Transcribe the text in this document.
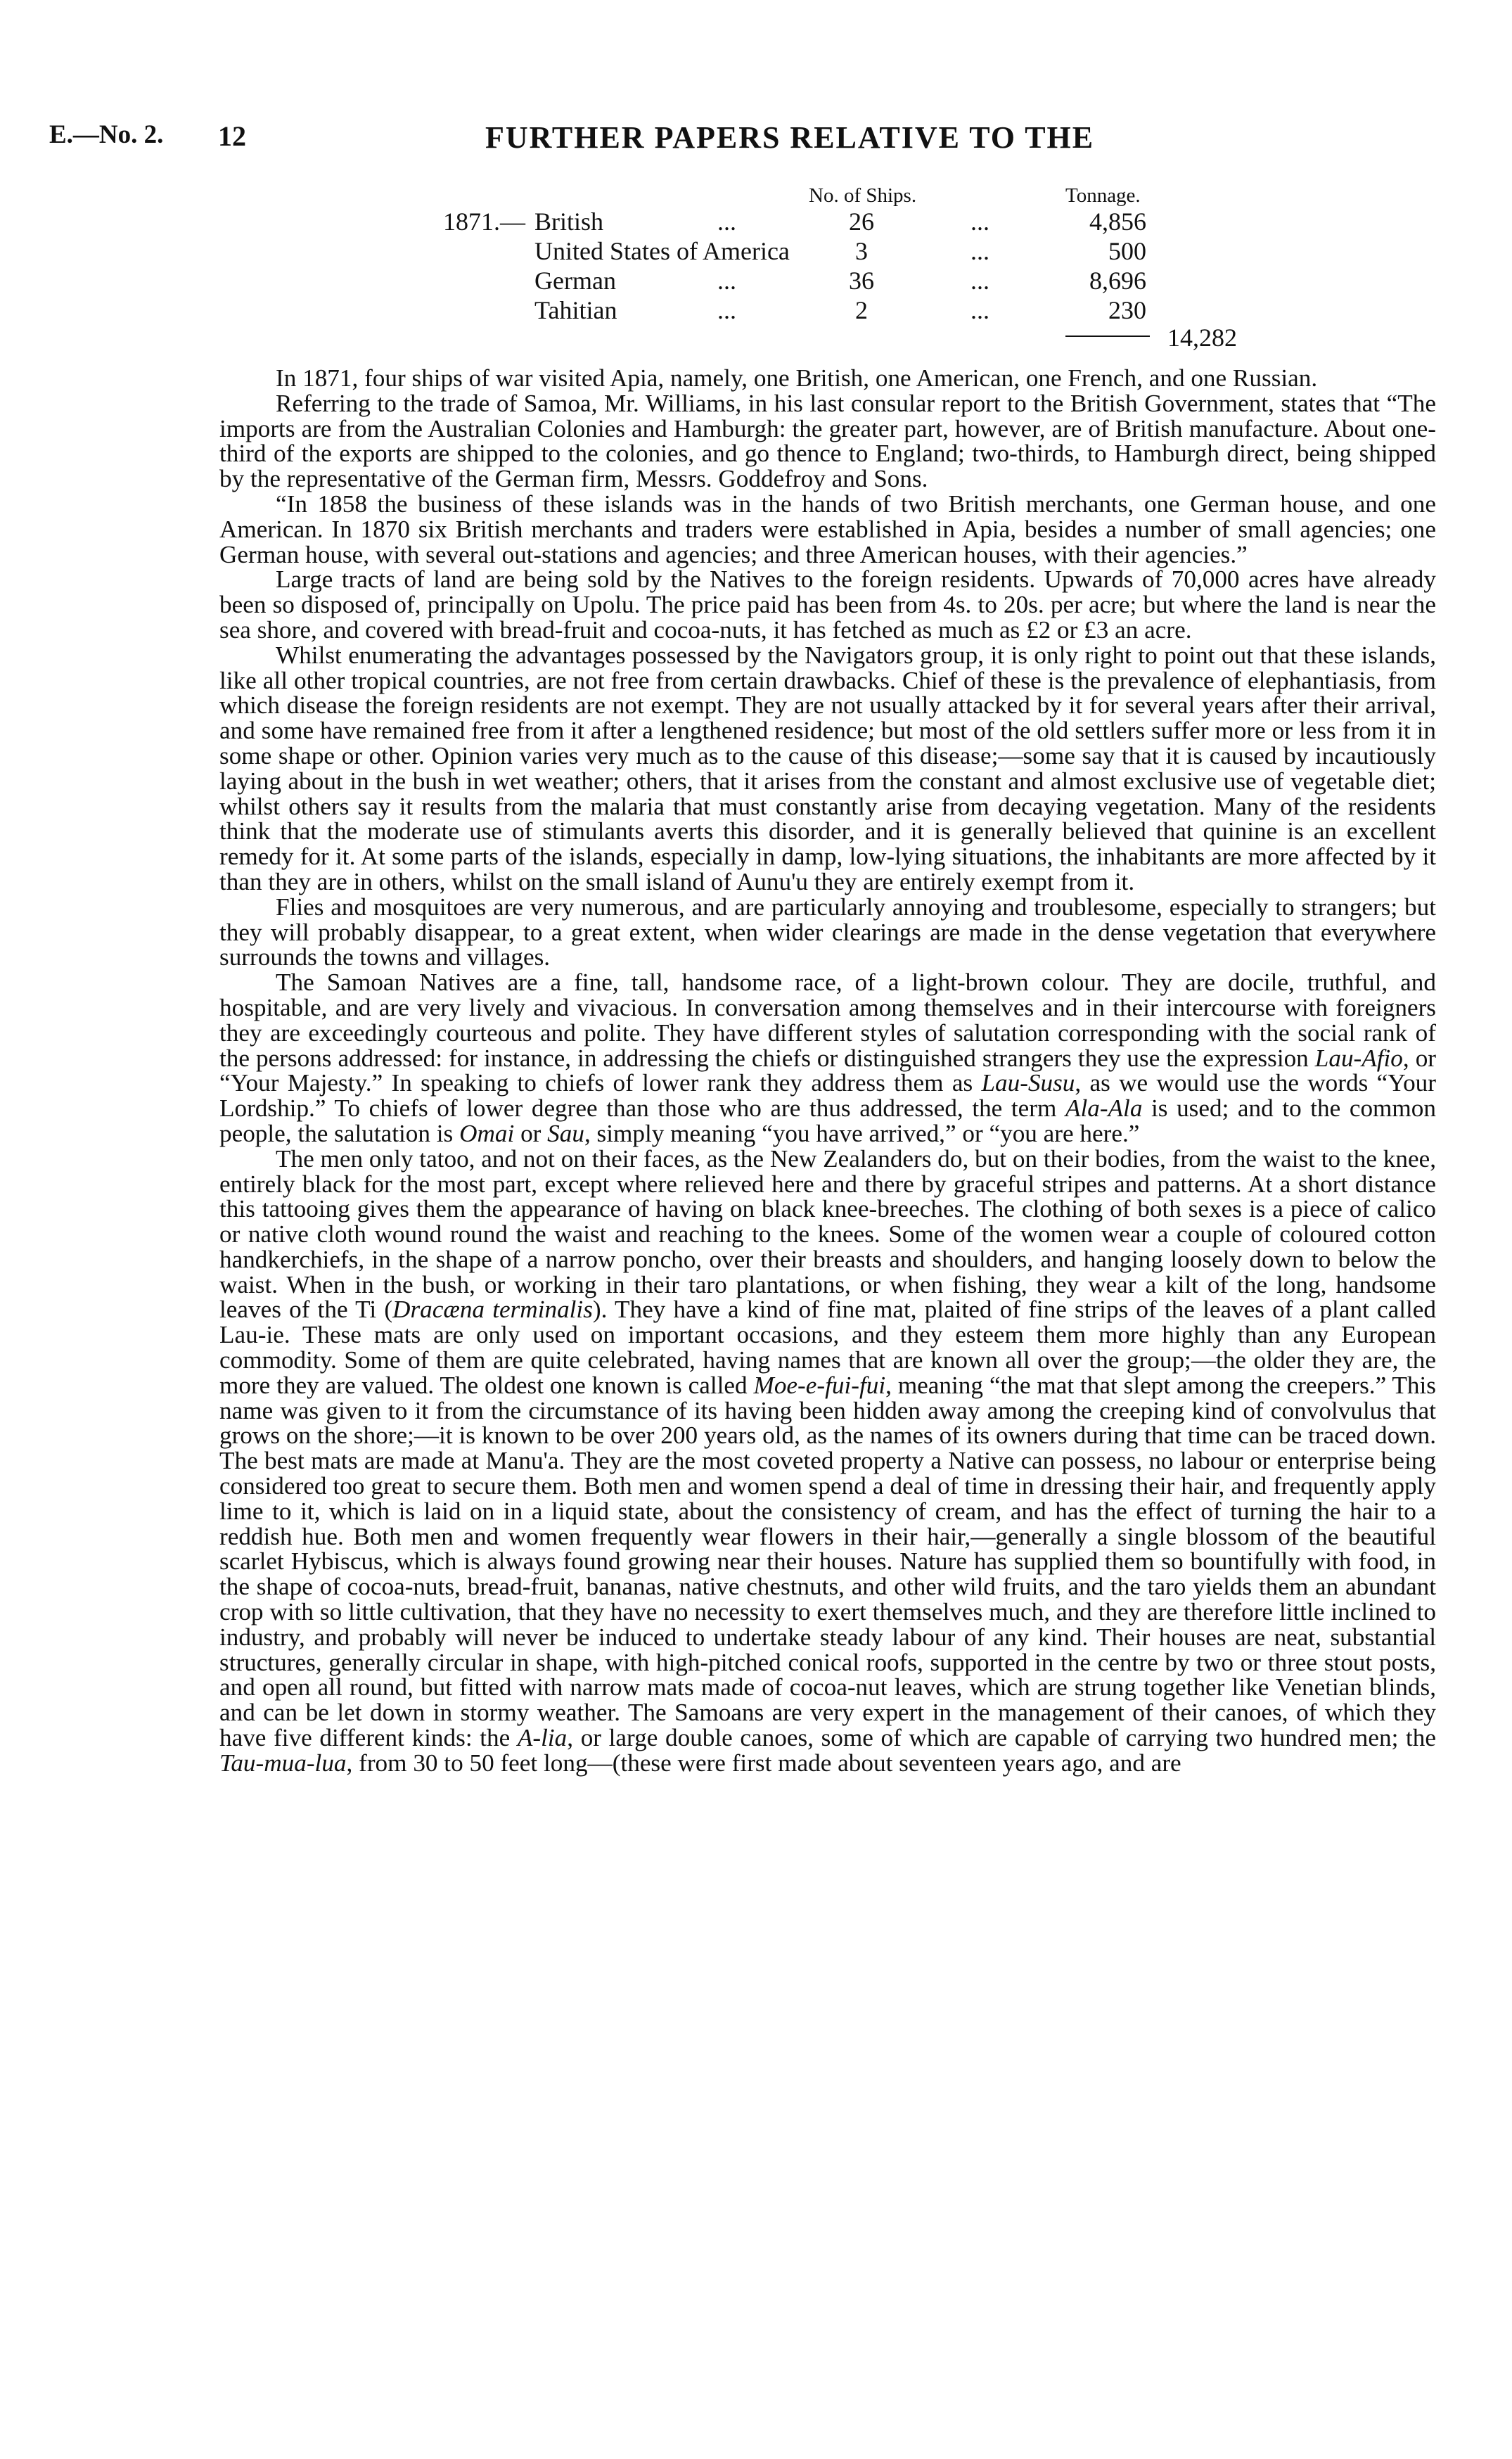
E.—No. 2. 12	FURTHER PAPERS RELATIVE TO THE
No. of Ships.	Tonnage.
1871.— British	...	26	...	4,856
United States of America	3	...	500
German	...	36	...	8,696
Tahitian	...	2	...	230
14,282

In 1871, four ships of war visited Apia, namely, one British, one American, one French, and one Russian.

Referring to the trade of Samoa, Mr. Williams, in his last consular report to the British Government, states that “The imports are from the Australian Colonies and Hamburgh: the greater part, however, are of British manufacture. About one-third of the exports are shipped to the colonies, and go thence to England; two-thirds, to Hamburgh direct, being shipped by the representative of the German firm, Messrs. Goddefroy and Sons.

“In 1858 the business of these islands was in the hands of two British merchants, one German house, and one American. In 1870 six British merchants and traders were established in Apia, besides a number of small agencies; one German house, with several out-stations and agencies; and three American houses, with their agencies.”

Large tracts of land are being sold by the Natives to the foreign residents. Upwards of 70,000 acres have already been so disposed of, principally on Upolu. The price paid has been from 4s. to 20s. per acre; but where the land is near the sea shore, and covered with bread-fruit and cocoa-nuts, it has fetched as much as £2 or £3 an acre.

Whilst enumerating the advantages possessed by the Navigators group, it is only right to point out that these islands, like all other tropical countries, are not free from certain drawbacks. Chief of these is the prevalence of elephantiasis, from which disease the foreign residents are not exempt. They are not usually attacked by it for several years after their arrival, and some have remained free from it after a lengthened residence; but most of the old settlers suffer more or less from it in some shape or other. Opinion varies very much as to the cause of this disease;—some say that it is caused by incautiously laying about in the bush in wet weather; others, that it arises from the constant and almost exclusive use of vegetable diet; whilst others say it results from the malaria that must constantly arise from decaying vegetation. Many of the residents think that the moderate use of stimulants averts this disorder, and it is generally believed that quinine is an excellent remedy for it. At some parts of the islands, especially in damp, low-lying situations, the inhabitants are more affected by it than they are in others, whilst on the small island of Aunu'u they are entirely exempt from it.

Flies and mosquitoes are very numerous, and are particularly annoying and troublesome, especially to strangers; but they will probably disappear, to a great extent, when wider clearings are made in the dense vegetation that everywhere surrounds the towns and villages.

The Samoan Natives are a fine, tall, handsome race, of a light-brown colour. They are docile, truthful, and hospitable, and are very lively and vivacious. In conversation among themselves and in their intercourse with foreigners they are exceedingly courteous and polite. They have different styles of salutation corresponding with the social rank of the persons addressed: for instance, in addressing the chiefs or distinguished strangers they use the expression Lau-Afio, or “Your Majesty.” In speaking to chiefs of lower rank they address them as Lau-Susu, as we would use the words “Your Lordship.” To chiefs of lower degree than those who are thus addressed, the term Ala-Ala is used; and to the common people, the salutation is Omai or Sau, simply meaning “you have arrived,” or “you are here.”

The men only tatoo, and not on their faces, as the New Zealanders do, but on their bodies, from the waist to the knee, entirely black for the most part, except where relieved here and there by graceful stripes and patterns. At a short distance this tattooing gives them the appearance of having on black knee-breeches. The clothing of both sexes is a piece of calico or native cloth wound round the waist and reaching to the knees. Some of the women wear a couple of coloured cotton handkerchiefs, in the shape of a narrow poncho, over their breasts and shoulders, and hanging loosely down to below the waist. When in the bush, or working in their taro plantations, or when fishing, they wear a kilt of the long, handsome leaves of the Ti (Dracæna terminalis). They have a kind of fine mat, plaited of fine strips of the leaves of a plant called Lau-ie. These mats are only used on important occasions, and they esteem them more highly than any European commodity. Some of them are quite celebrated, having names that are known all over the group;—the older they are, the more they are valued. The oldest one known is called Moe-e-fui-fui, meaning “the mat that slept among the creepers.” This name was given to it from the circumstance of its having been hidden away among the creeping kind of convolvulus that grows on the shore;—it is known to be over 200 years old, as the names of its owners during that time can be traced down. The best mats are made at Manu'a. They are the most coveted property a Native can possess, no labour or enterprise being considered too great to secure them. Both men and women spend a deal of time in dressing their hair, and frequently apply lime to it, which is laid on in a liquid state, about the consistency of cream, and has the effect of turning the hair to a reddish hue. Both men and women frequently wear flowers in their hair,—generally a single blossom of the beautiful scarlet Hybiscus, which is always found growing near their houses. Nature has supplied them so bountifully with food, in the shape of cocoa-nuts, bread-fruit, bananas, native chestnuts, and other wild fruits, and the taro yields them an abundant crop with so little cultivation, that they have no necessity to exert themselves much, and they are therefore little inclined to industry, and probably will never be induced to undertake steady labour of any kind. Their houses are neat, substantial structures, generally circular in shape, with high-pitched conical roofs, supported in the centre by two or three stout posts, and open all round, but fitted with narrow mats made of cocoa-nut leaves, which are strung together like Venetian blinds, and can be let down in stormy weather. The Samoans are very expert in the management of their canoes, of which they have five different kinds: the A-lia, or large double canoes, some of which are capable of carrying two hundred men; the Tau-mua-lua, from 30 to 50 feet long—(these were first made about seventeen years ago, and are
